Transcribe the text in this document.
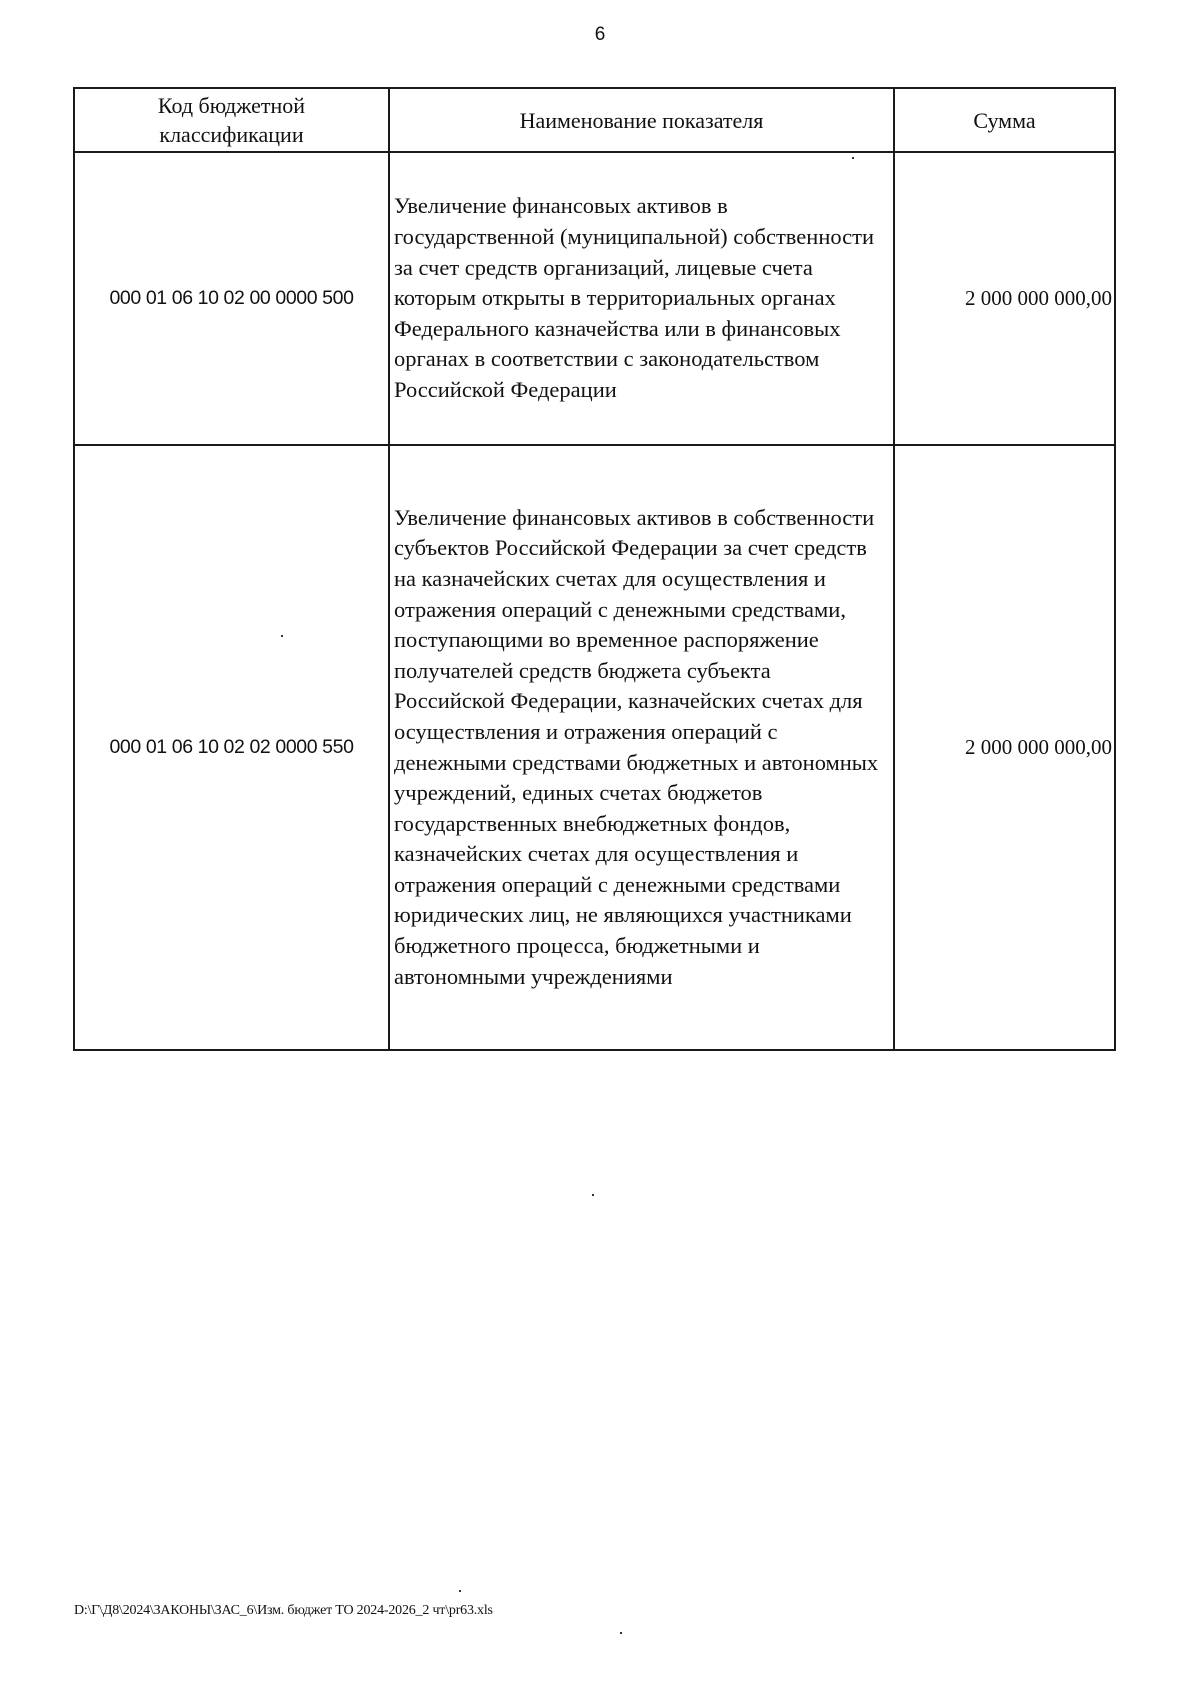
6
Код бюджетной классификации	Наименование показателя	Сумма
000 01 06 10 02 00 0000 500	Увеличение финансовых активов в государственной (муниципальной) собственности за счет средств организаций, лицевые счета которым открыты в территориальных органах Федерального казначейства или в финансовых органах в соответствии с законодательством Российской Федерации	2 000 000 000,00
000 01 06 10 02 02 0000 550	Увеличение финансовых активов в собственности субъектов Российской Федерации за счет средств на казначейских счетах для осуществления и отражения операций с денежными средствами, поступающими во временное распоряжение получателей средств бюджета субъекта Российской Федерации, казначейских счетах для осуществления и отражения операций с денежными средствами бюджетных и автономных учреждений, единых счетах бюджетов государственных внебюджетных фондов, казначейских счетах для осуществления и отражения операций с денежными средствами юридических лиц, не являющихся участниками бюджетного процесса, бюджетными и автономными учреждениями	2 000 000 000,00
D:\Г\Д8\2024\ЗАКОНЫ\ЗАС_6\Изм. бюджет ТО 2024-2026_2 чт\pr63.xls
